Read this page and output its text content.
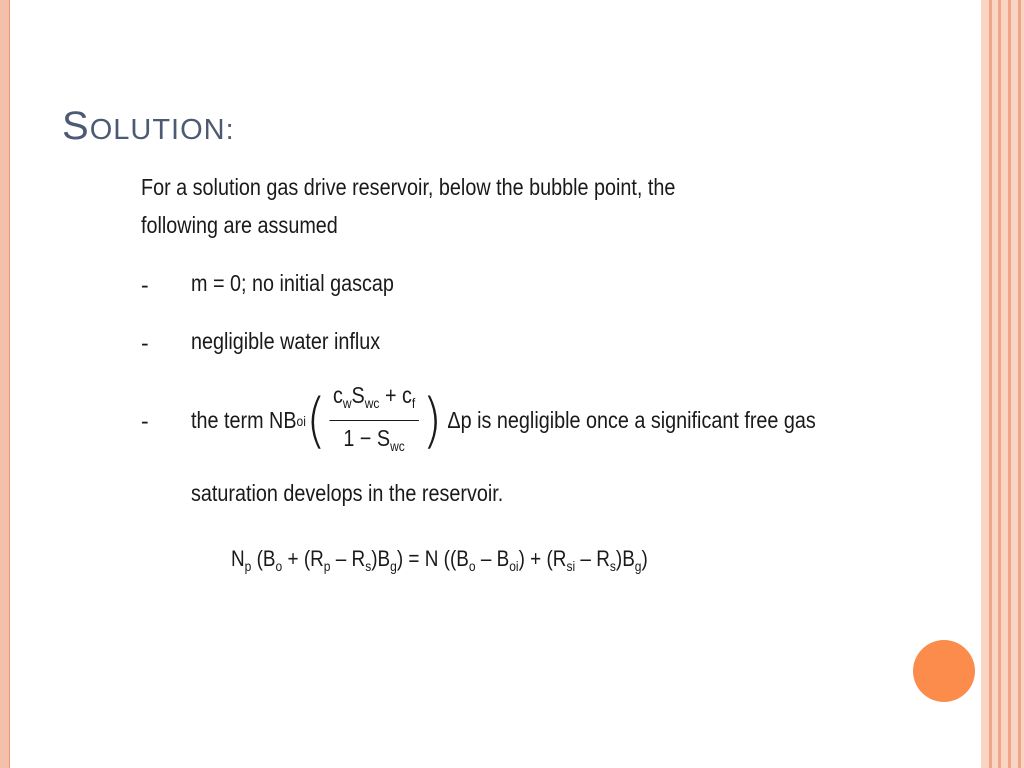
SOLUTION:

For a solution gas drive reservoir, below the bubble point, the following are assumed

- m = 0; no initial gascap
- negligible water influx
- the term NB oi ( $\frac{c_wS_{wc} + c_f}{1 - S_{wc}}$ ) Δp is negligible once a significant free gas
saturation develops in the reservoir.
$N_p$ $(B_o + (R_p - R_s)B_g) = N$ $((B_o - B_{oi}) + (R_{si} - R_s)B_g)$
